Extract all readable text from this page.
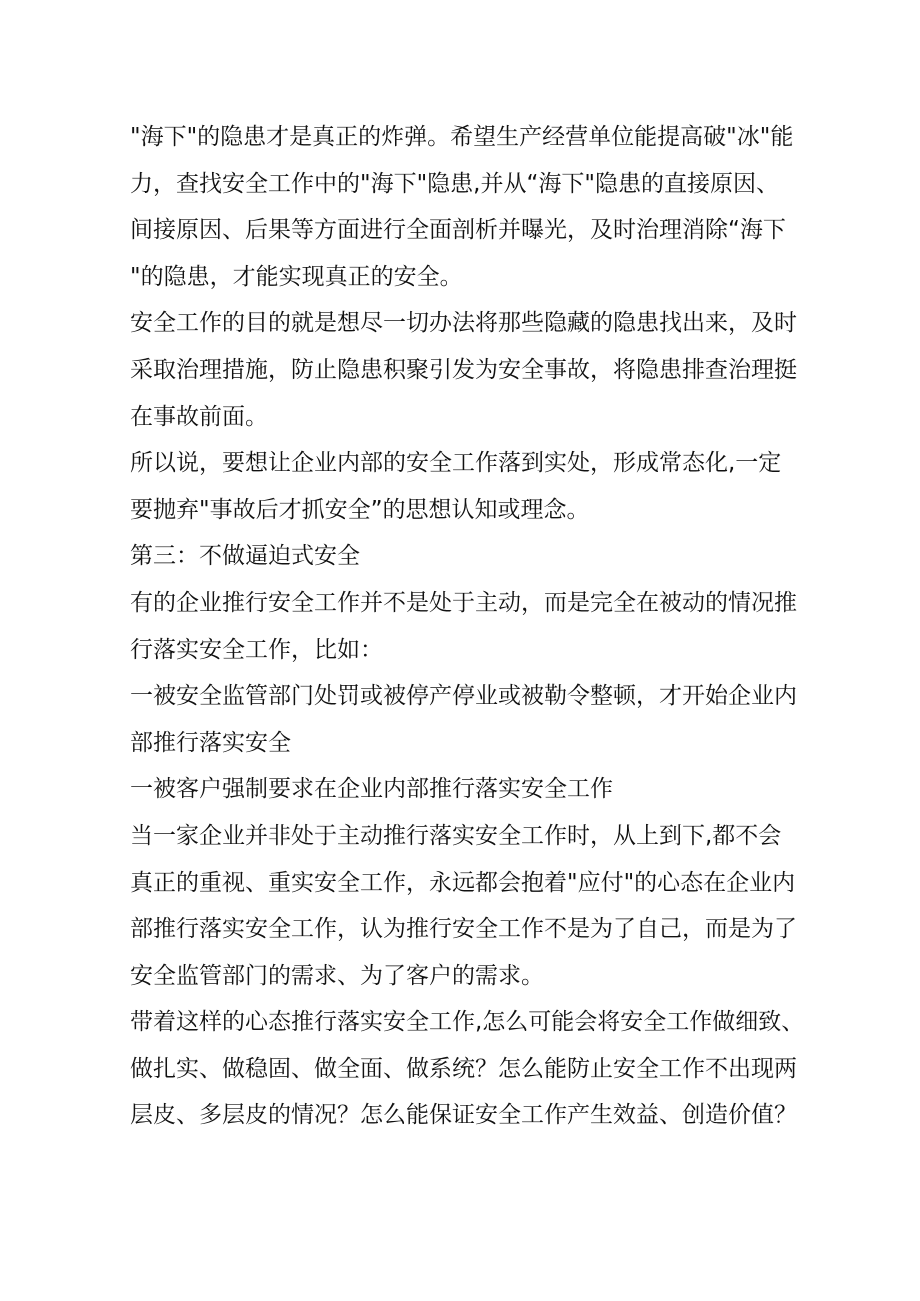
"海下"的隐患才是真正的炸弹。希望生产经营单位能提高破"冰"能
力，查找安全工作中的"海下"隐患,并从“海下"隐患的直接原因、
间接原因、后果等方面进行全面剖析并曝光，及时治理消除“海下
"的隐患，才能实现真正的安全。

安全工作的目的就是想尽一切办法将那些隐藏的隐患找出来，及时
采取治理措施，防止隐患积聚引发为安全事故，将隐患排查治理挺
在事故前面。

所以说，要想让企业内部的安全工作落到实处，形成常态化,一定
要抛弃"事故后才抓安全”的思想认知或理念。

第三：不做逼迫式安全

有的企业推行安全工作并不是处于主动，而是完全在被动的情况推
行落实安全工作，比如：

一被安全监管部门处罚或被停产停业或被勒令整顿，才开始企业内
部推行落实安全

一被客户强制要求在企业内部推行落实安全工作

当一家企业并非处于主动推行落实安全工作时，从上到下,都不会
真正的重视、重实安全工作，永远都会抱着"应付"的心态在企业内
部推行落实安全工作，认为推行安全工作不是为了自己，而是为了
安全监管部门的需求、为了客户的需求。

带着这样的心态推行落实安全工作,怎么可能会将安全工作做细致、
做扎实、做稳固、做全面、做系统？怎么能防止安全工作不出现两
层皮、多层皮的情况？怎么能保证安全工作产生效益、创造价值？
